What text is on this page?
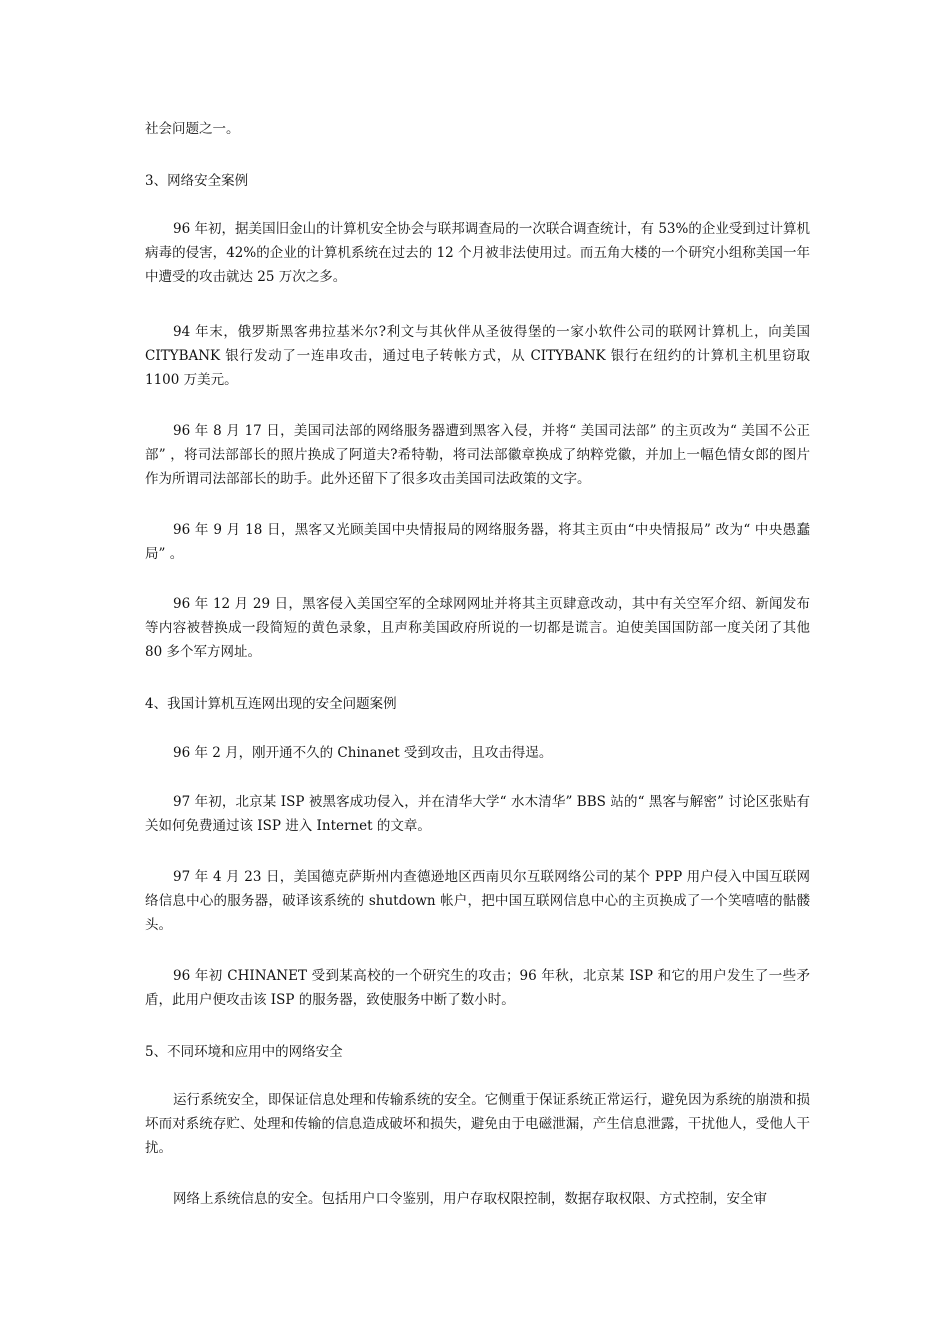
社会问题之一。
3、网络安全案例
96 年初，据美国旧金山的计算机安全协会与联邦调查局的一次联合调查统计，有 53%的企业受到过计算机病毒的侵害，42%的企业的计算机系统在过去的 12 个月被非法使用过。而五角大楼的一个研究小组称美国一年中遭受的攻击就达 25 万次之多。
94 年末，俄罗斯黑客弗拉基米尔?利文与其伙伴从圣彼得堡的一家小软件公司的联网计算机上，向美国 CITYBANK 银行发动了一连串攻击，通过电子转帐方式，从 CITYBANK 银行在纽约的计算机主机里窃取 1100 万美元。
96 年 8 月 17 日，美国司法部的网络服务器遭到黑客入侵，并将“ 美国司法部” 的主页改为“ 美国不公正部” ，将司法部部长的照片换成了阿道夫?希特勒，将司法部徽章换成了纳粹党徽，并加上一幅色情女郎的图片作为所谓司法部部长的助手。此外还留下了很多攻击美国司法政策的文字。
96 年 9 月 18 日，黑客又光顾美国中央情报局的网络服务器，将其主页由“中央情报局” 改为“ 中央愚蠢局” 。
96 年 12 月 29 日，黑客侵入美国空军的全球网网址并将其主页肆意改动，其中有关空军介绍、新闻发布等内容被替换成一段简短的黄色录象，且声称美国政府所说的一切都是谎言。迫使美国国防部一度关闭了其他 80 多个军方网址。
4、我国计算机互连网出现的安全问题案例
96 年 2 月，刚开通不久的 Chinanet 受到攻击，且攻击得逞。
97 年初，北京某 ISP 被黑客成功侵入，并在清华大学“ 水木清华” BBS 站的“ 黑客与解密” 讨论区张贴有关如何免费通过该 ISP 进入 Internet 的文章。
97 年 4 月 23 日，美国德克萨斯州内查德逊地区西南贝尔互联网络公司的某个 PPP 用户侵入中国互联网络信息中心的服务器，破译该系统的 shutdown 帐户，把中国互联网信息中心的主页换成了一个笑嘻嘻的骷髅头。
96 年初 CHINANET 受到某高校的一个研究生的攻击；96 年秋，北京某 ISP 和它的用户发生了一些矛盾，此用户便攻击该 ISP 的服务器，致使服务中断了数小时。
5、不同环境和应用中的网络安全
运行系统安全，即保证信息处理和传输系统的安全。它侧重于保证系统正常运行，避免因为系统的崩溃和损坏而对系统存贮、处理和传输的信息造成破坏和损失，避免由于电磁泄漏，产生信息泄露，干扰他人，受他人干扰。
网络上系统信息的安全。包括用户口令鉴别，用户存取权限控制，数据存取权限、方式控制，安全审
